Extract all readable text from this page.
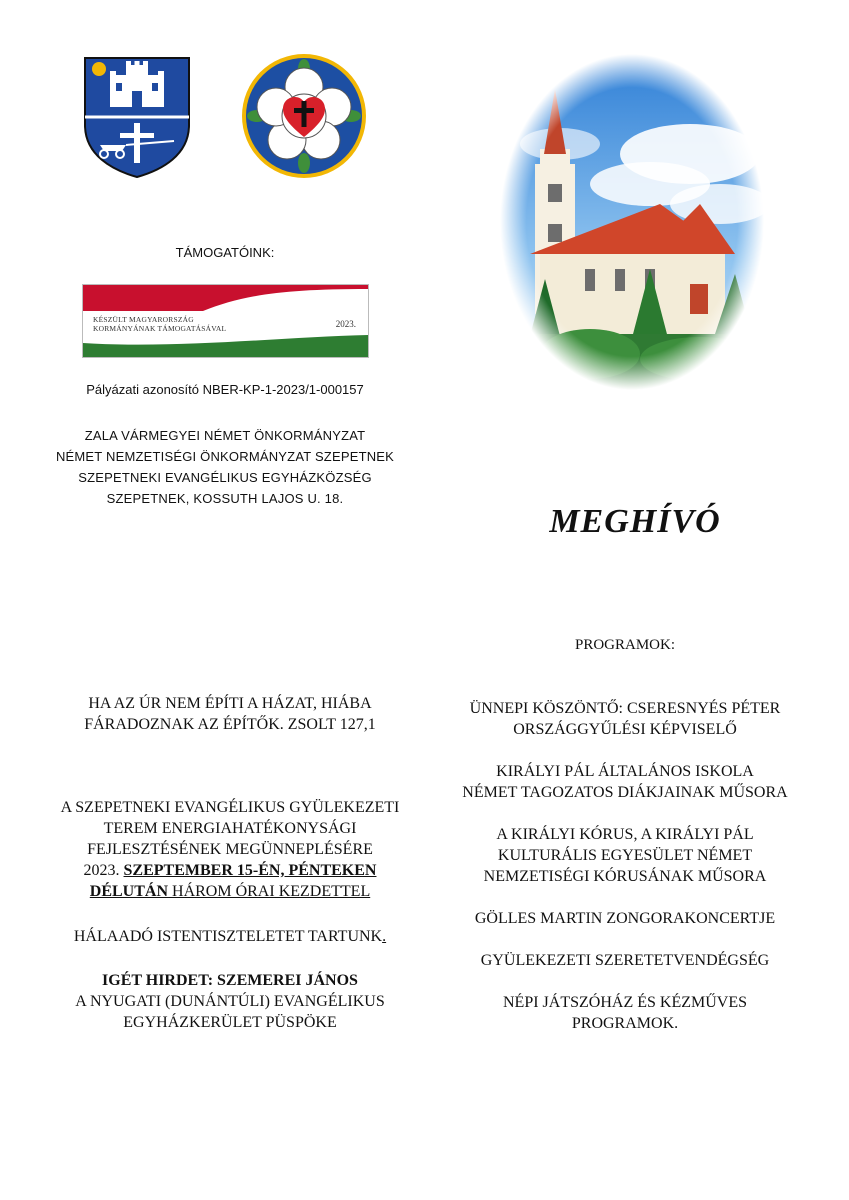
TÁMOGATÓINK:
KÉSZÜLT MAGYARORSZÁG
KORMÁNYÁNAK TÁMOGATÁSÁVAL	2023.
Pályázati azonosító NBER-KP-1-2023/1-000157
ZALA VÁRMEGYEI NÉMET ÖNKORMÁNYZAT
NÉMET NEMZETISÉGI ÖNKORMÁNYZAT SZEPETNEK
SZEPETNEKI EVANGÉLIKUS EGYHÁZKÖZSÉG
SZEPETNEK, KOSSUTH LAJOS U. 18.
HA AZ ÚR NEM ÉPÍTI A HÁZAT, HIÁBA
FÁRADOZNAK AZ ÉPÍTŐK. ZSOLT 127,1
A SZEPETNEKI EVANGÉLIKUS GYÜLEKEZETI
TEREM ENERGIAHATÉKONYSÁGI
FEJLESZTÉSÉNEK MEGÜNNEPLÉSÉRE
2023. SZEPTEMBER 15-ÉN, PÉNTEKEN
DÉLUTÁN HÁROM ÓRAI KEZDETTEL
HÁLAADÓ ISTENTISZTELETET TARTUNK.
IGÉT HIRDET: SZEMEREI JÁNOS
A NYUGATI (DUNÁNTÚLI) EVANGÉLIKUS
EGYHÁZKERÜLET PÜSPÖKE
MEGHÍVÓ
PROGRAMOK:
ÜNNEPI KÖSZÖNTŐ: CSERESNYÉS PÉTER
ORSZÁGGYŰLÉSI KÉPVISELŐ
KIRÁLYI PÁL ÁLTALÁNOS ISKOLA
NÉMET TAGOZATOS DIÁKJAINAK MŰSORA
A KIRÁLYI KÓRUS, A KIRÁLYI PÁL
KULTURÁLIS EGYESÜLET NÉMET
NEMZETISÉGI KÓRUSÁNAK MŰSORA
GÖLLES MARTIN ZONGORAKONCERTJE
GYÜLEKEZETI SZERETETVENDÉGSÉG
NÉPI JÁTSZÓHÁZ ÉS KÉZMŰVES
PROGRAMOK.
